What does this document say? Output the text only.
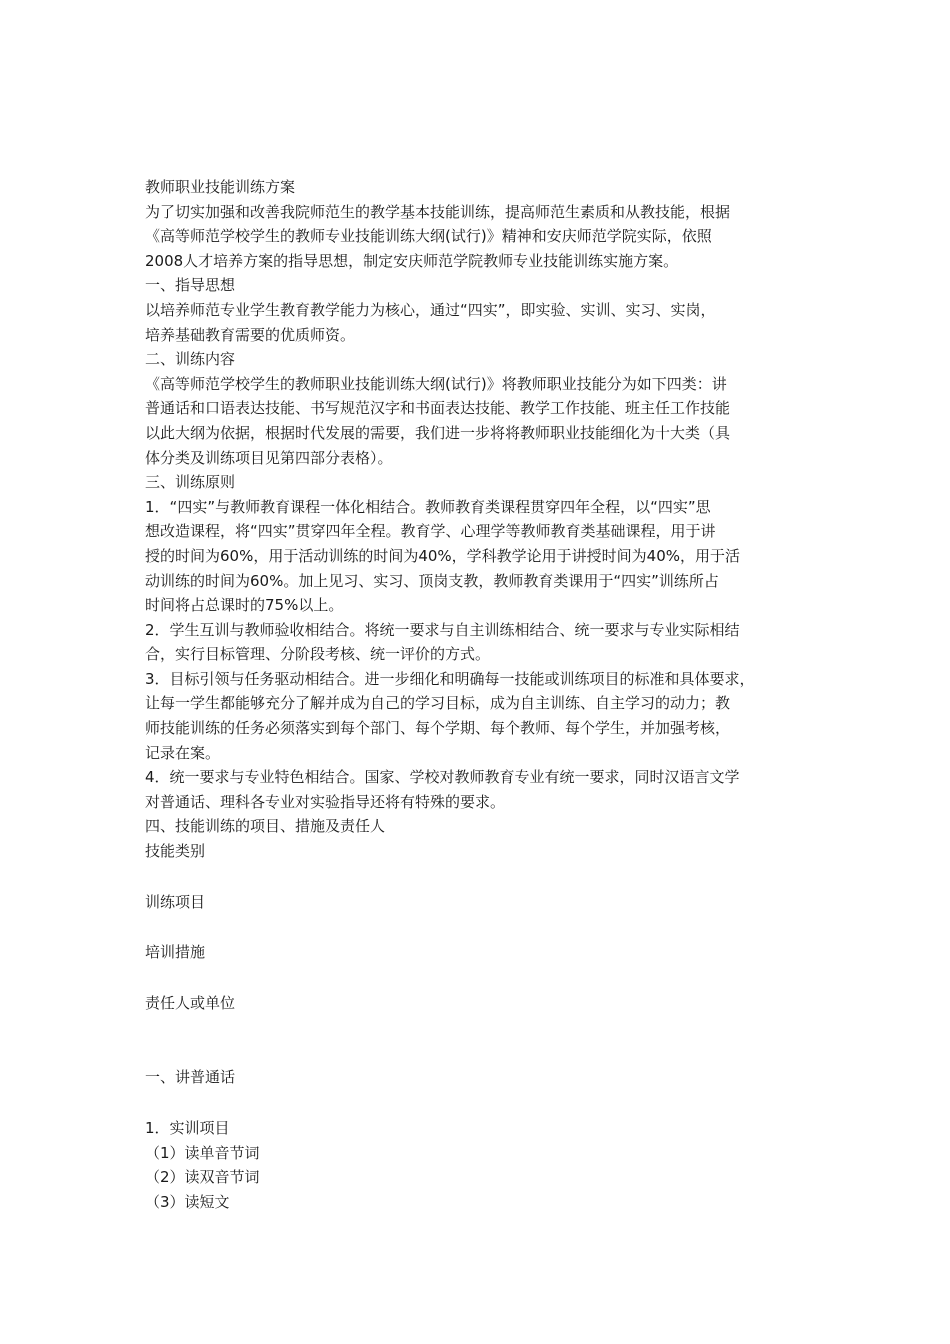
教师职业技能训练方案
为了切实加强和改善我院师范生的教学基本技能训练，提高师范生素质和从教技能，根据
《高等师范学校学生的教师专业技能训练大纲(试行)》精神和安庆师范学院实际，依照
2008人才培养方案的指导思想，制定安庆师范学院教师专业技能训练实施方案。
一、指导思想
以培养师范专业学生教育教学能力为核心，通过“四实”，即实验、实训、实习、实岗，
培养基础教育需要的优质师资。
二、训练内容
《高等师范学校学生的教师职业技能训练大纲(试行)》将教师职业技能分为如下四类：讲
普通话和口语表达技能、书写规范汉字和书面表达技能、教学工作技能、班主任工作技能
以此大纲为依据，根据时代发展的需要，我们进一步将将教师职业技能细化为十大类（具
体分类及训练项目见第四部分表格）。
三、训练原则
1．“四实”与教师教育课程一体化相结合。教师教育类课程贯穿四年全程，以“四实”思
想改造课程，将“四实”贯穿四年全程。教育学、心理学等教师教育类基础课程，用于讲
授的时间为60%，用于活动训练的时间为40%，学科教学论用于讲授时间为40%，用于活
动训练的时间为60%。加上见习、实习、顶岗支教，教师教育类课用于“四实”训练所占
时间将占总课时的75%以上。
2．学生互训与教师验收相结合。将统一要求与自主训练相结合、统一要求与专业实际相结
合，实行目标管理、分阶段考核、统一评价的方式。
3．目标引领与任务驱动相结合。进一步细化和明确每一技能或训练项目的标准和具体要求，
让每一学生都能够充分了解并成为自己的学习目标，成为自主训练、自主学习的动力；教
师技能训练的任务必须落实到每个部门、每个学期、每个教师、每个学生，并加强考核，
记录在案。
4．统一要求与专业特色相结合。国家、学校对教师教育专业有统一要求，同时汉语言文学
对普通话、理科各专业对实验指导还将有特殊的要求。
四、技能训练的项目、措施及责任人
技能类别
训练项目
培训措施
责任人或单位
一、讲普通话
1．实训项目
（1）读单音节词
（2）读双音节词
（3）读短文
